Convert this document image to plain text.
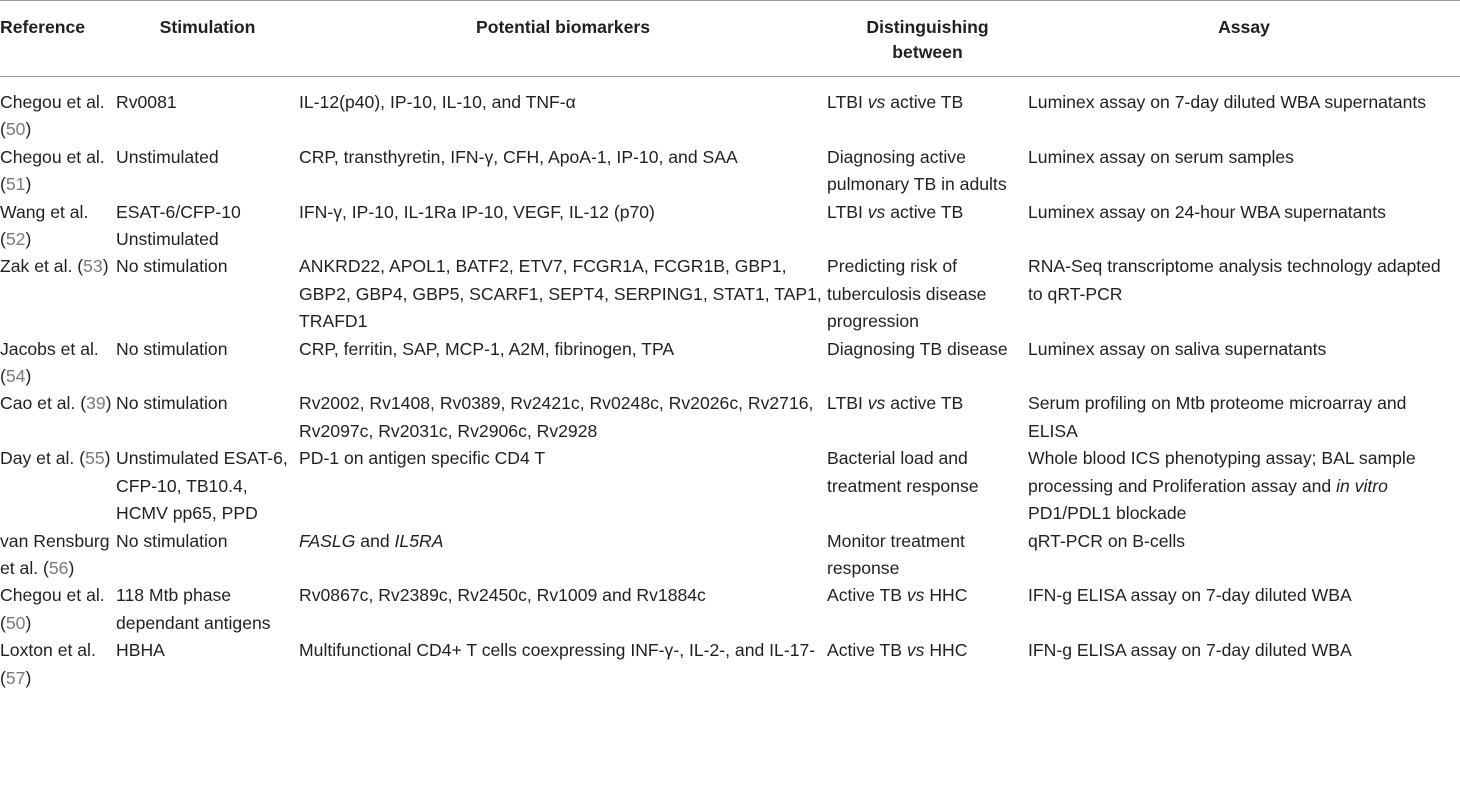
Reference	Stimulation	Potential biomarkers	Distinguishing between	Assay
Chegou et al. (50)	Rv0081	IL-12(p40), IP-10, IL-10, and TNF-α	LTBI vs active TB	Luminex assay on 7-day diluted WBA supernatants
Chegou et al. (51)	Unstimulated	CRP, transthyretin, IFN-γ, CFH, ApoA-1, IP-10, and SAA	Diagnosing active pulmonary TB in adults	Luminex assay on serum samples
Wang et al. (52)	ESAT-6/CFP-10 Unstimulated	IFN-γ, IP-10, IL-1Ra IP-10, VEGF, IL-12 (p70)	LTBI vs active TB	Luminex assay on 24-hour WBA supernatants
Zak et al. (53)	No stimulation	ANKRD22, APOL1, BATF2, ETV7, FCGR1A, FCGR1B, GBP1, GBP2, GBP4, GBP5, SCARF1, SEPT4, SERPING1, STAT1, TAP1, TRAFD1	Predicting risk of tuberculosis disease progression	RNA-Seq transcriptome analysis technology adapted to qRT-PCR
Jacobs et al. (54)	No stimulation	CRP, ferritin, SAP, MCP-1, A2M, fibrinogen, TPA	Diagnosing TB disease	Luminex assay on saliva supernatants
Cao et al. (39)	No stimulation	Rv2002, Rv1408, Rv0389, Rv2421c, Rv0248c, Rv2026c, Rv2716, Rv2097c, Rv2031c, Rv2906c, Rv2928	LTBI vs active TB	Serum profiling on Mtb proteome microarray and ELISA
Day et al. (55)	Unstimulated ESAT-6, CFP-10, TB10.4, HCMV pp65, PPD	PD-1 on antigen specific CD4 T	Bacterial load and treatment response	Whole blood ICS phenotyping assay; BAL sample processing and Proliferation assay and in vitro PD1/PDL1 blockade
van Rensburg et al. (56)	No stimulation	FASLG and IL5RA	Monitor treatment response	qRT-PCR on B-cells
Chegou et al. (50)	118 Mtb phase dependant antigens	Rv0867c, Rv2389c, Rv2450c, Rv1009 and Rv1884c	Active TB vs HHC	IFN-g ELISA assay on 7-day diluted WBA
Loxton et al. (57)	HBHA	Multifunctional CD4+ T cells coexpressing INF-γ-, IL-2-, and IL-17-	Active TB vs HHC	IFN-g ELISA assay on 7-day diluted WBA
